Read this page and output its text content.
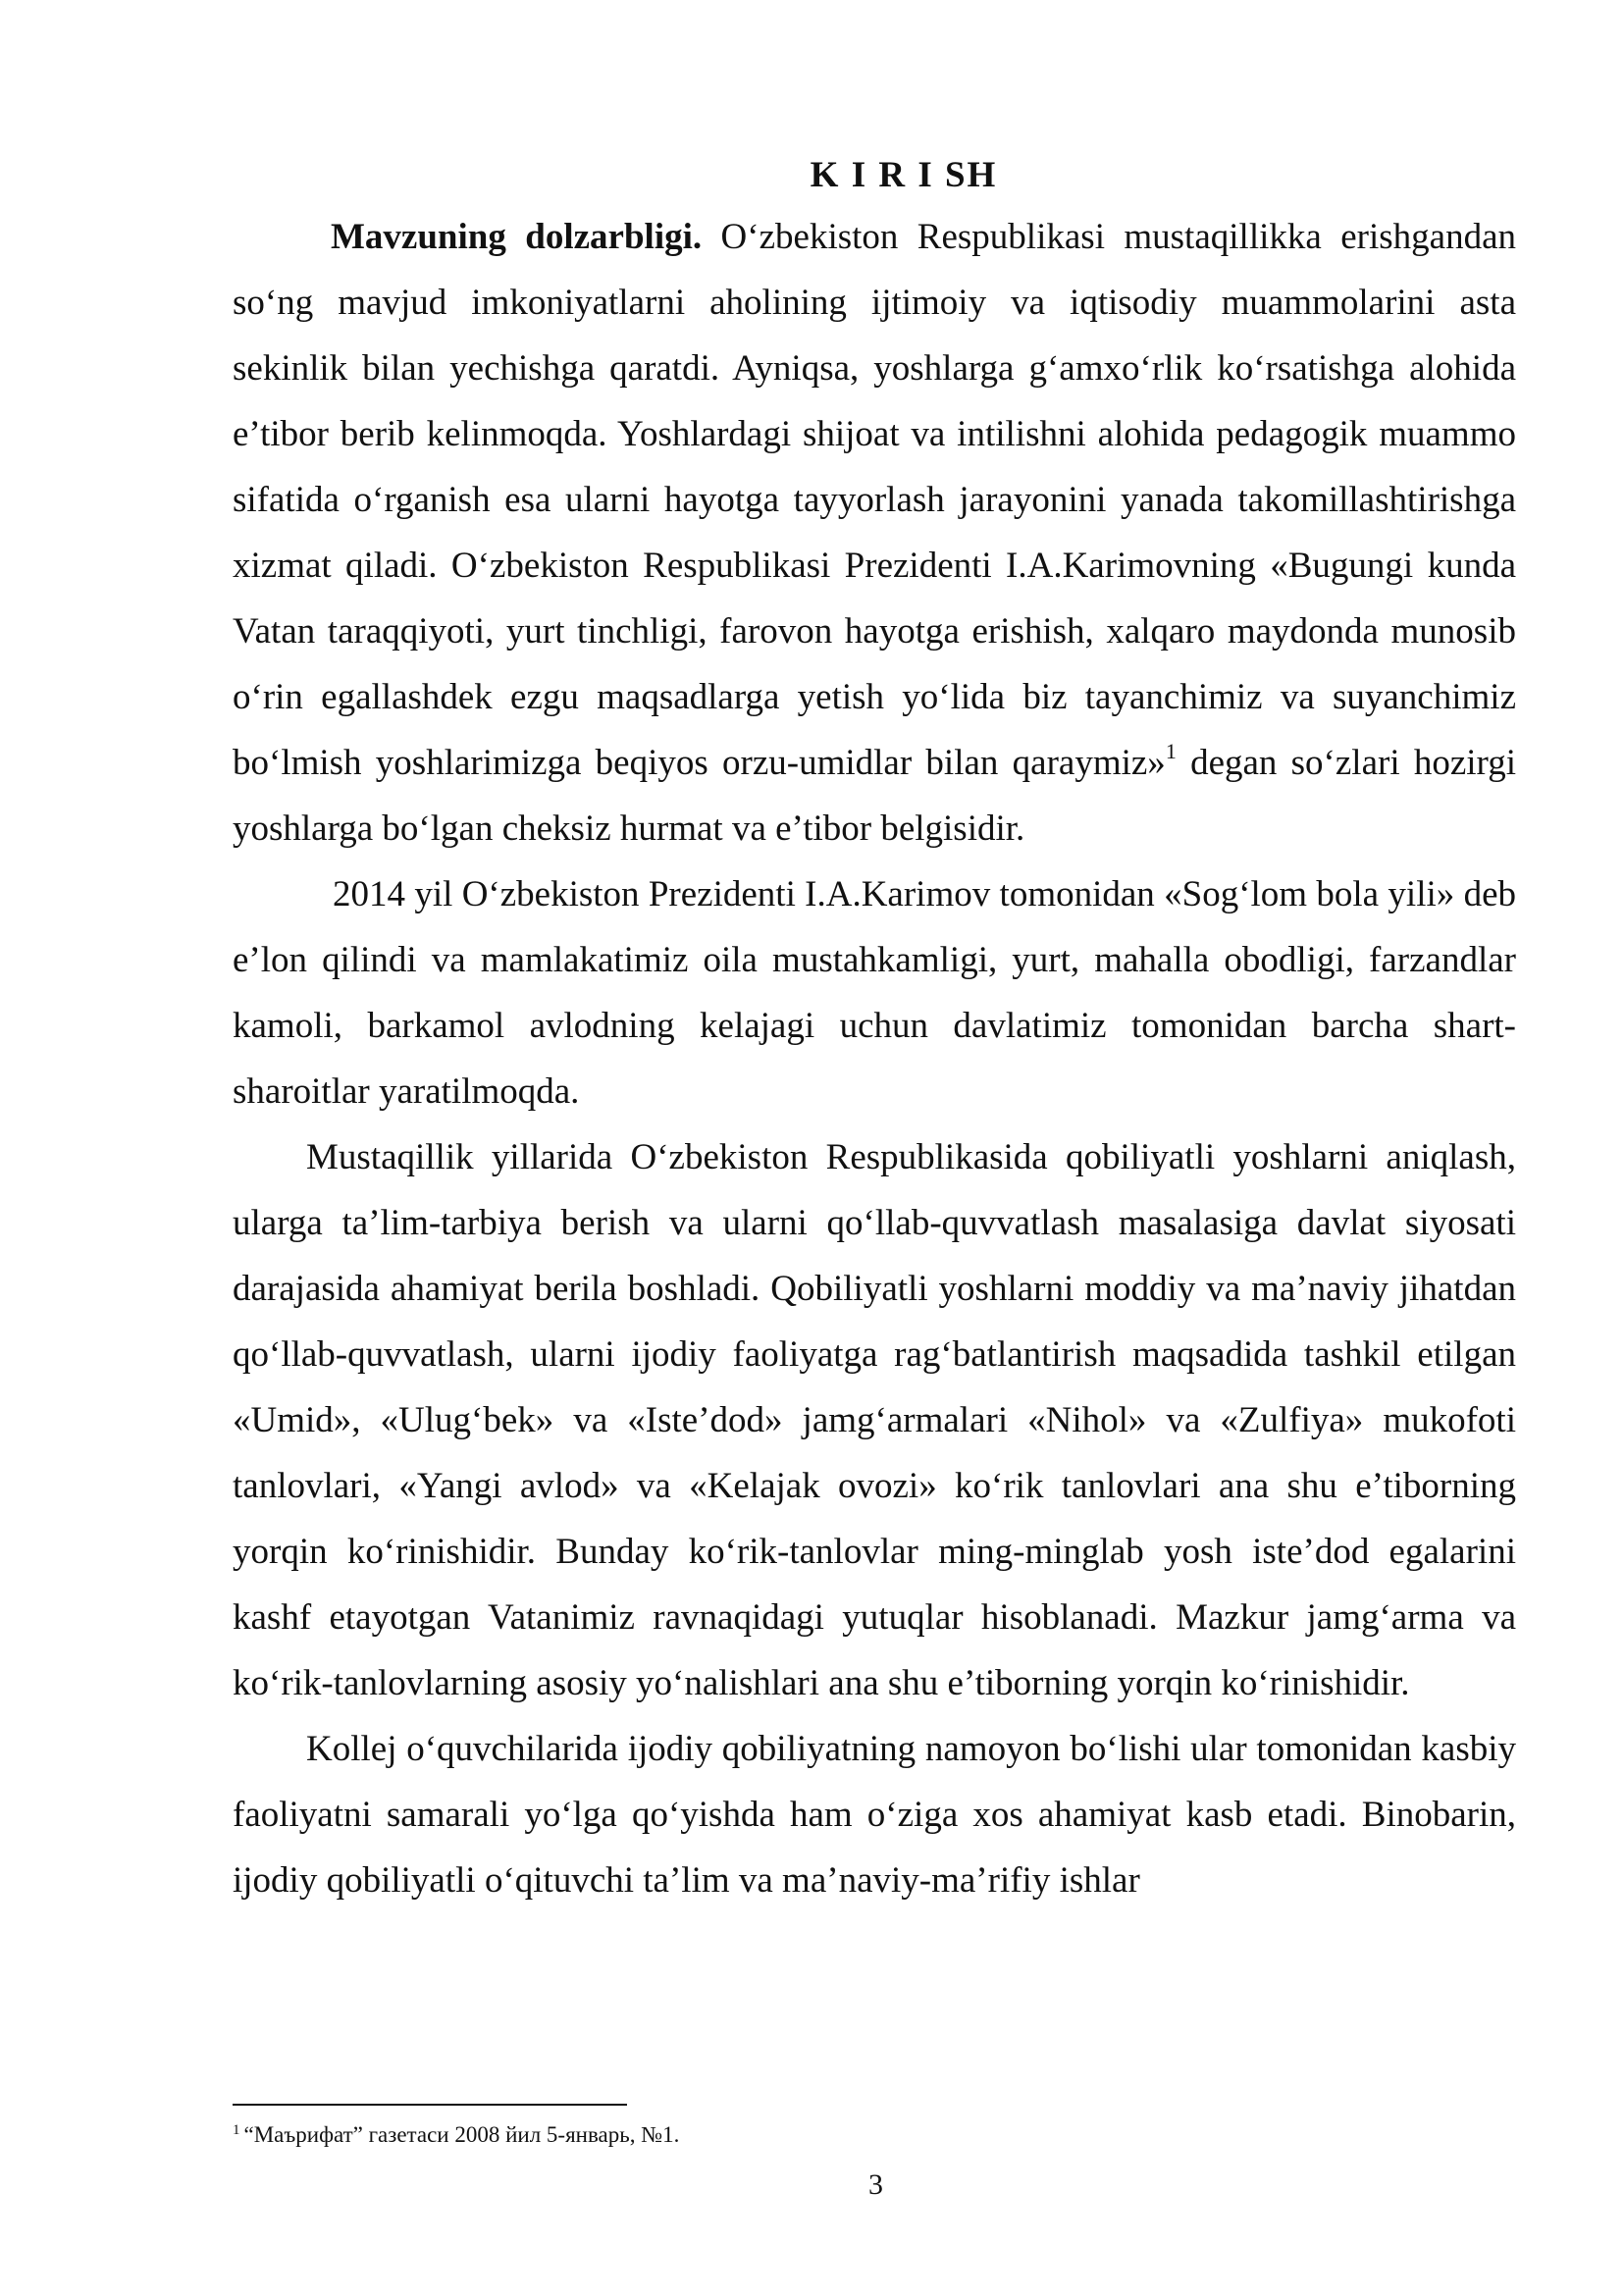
K I R I SH

Mavzuning dolzarbligi. O‘zbekiston Respublikasi mustaqillikka erishgandan so‘ng mavjud imkoniyatlarni aholining ijtimoiy va iqtisodiy muammolarini asta sekinlik bilan yechishga qaratdi. Ayniqsa, yoshlarga g‘amxo‘rlik ko‘rsatishga alohida e’tibor berib kelinmoqda. Yoshlardagi shijoat va intilishni alohida pedagogik muammo sifatida o‘rganish esa ularni hayotga tayyorlash jarayonini yanada takomillashtirishga xizmat qiladi. O‘zbekiston Respublikasi Prezidenti I.A.Karimovning «Bugungi kunda Vatan taraqqiyoti, yurt tinchligi, farovon hayotga erishish, xalqaro maydonda munosib o‘rin egallashdek ezgu maqsadlarga yetish yo‘lida biz tayanchimiz va suyanchimiz bo‘lmish yoshlarimizga beqiyos orzu-umidlar bilan qaraymiz»$^1$ degan so‘zlari hozirgi yoshlarga bo‘lgan cheksiz hurmat va e’tibor belgisidir.

2014 yil O‘zbekiston Prezidenti I.A.Karimov tomonidan «Sog‘lom bola yili» deb e’lon qilindi va mamlakatimiz oila mustahkamligi, yurt, mahalla obodligi, farzandlar kamoli, barkamol avlodning kelajagi uchun davlatimiz tomonidan barcha shart-sharoitlar yaratilmoqda.

Mustaqillik yillarida O‘zbekiston Respublikasida qobiliyatli yoshlarni aniqlash, ularga ta’lim-tarbiya berish va ularni qo‘llab-quvvatlash masalasiga davlat siyosati darajasida ahamiyat berila boshladi. Qobiliyatli yoshlarni moddiy va ma’naviy jihatdan qo‘llab-quvvatlash, ularni ijodiy faoliyatga rag‘batlantirish maqsadida tashkil etilgan «Umid», «Ulug‘bek» va «Iste’dod» jamg‘armalari «Nihol» va «Zulfiya» mukofoti tanlovlari, «Yangi avlod» va «Kelajak ovozi» ko‘rik tanlovlari ana shu e’tiborning yorqin ko‘rinishidir. Bunday ko‘rik-tanlovlar ming-minglab yosh iste’dod egalarini kashf etayotgan Vatanimiz ravnaqidagi yutuqlar hisoblanadi. Mazkur jamg‘arma va ko‘rik-tanlovlarning asosiy yo‘nalishlari ana shu e’tiborning yorqin ko‘rinishidir.

Kollej o‘quvchilarida ijodiy qobiliyatning namoyon bo‘lishi ular tomonidan kasbiy faoliyatni samarali yo‘lga qo‘yishda ham o‘ziga xos ahamiyat kasb etadi. Binobarin, ijodiy qobiliyatli o‘qituvchi ta’lim va ma’naviy-ma’rifiy ishlar

$^1$ “Маърифат” газетаси 2008 йил 5-январь, №1.
3
